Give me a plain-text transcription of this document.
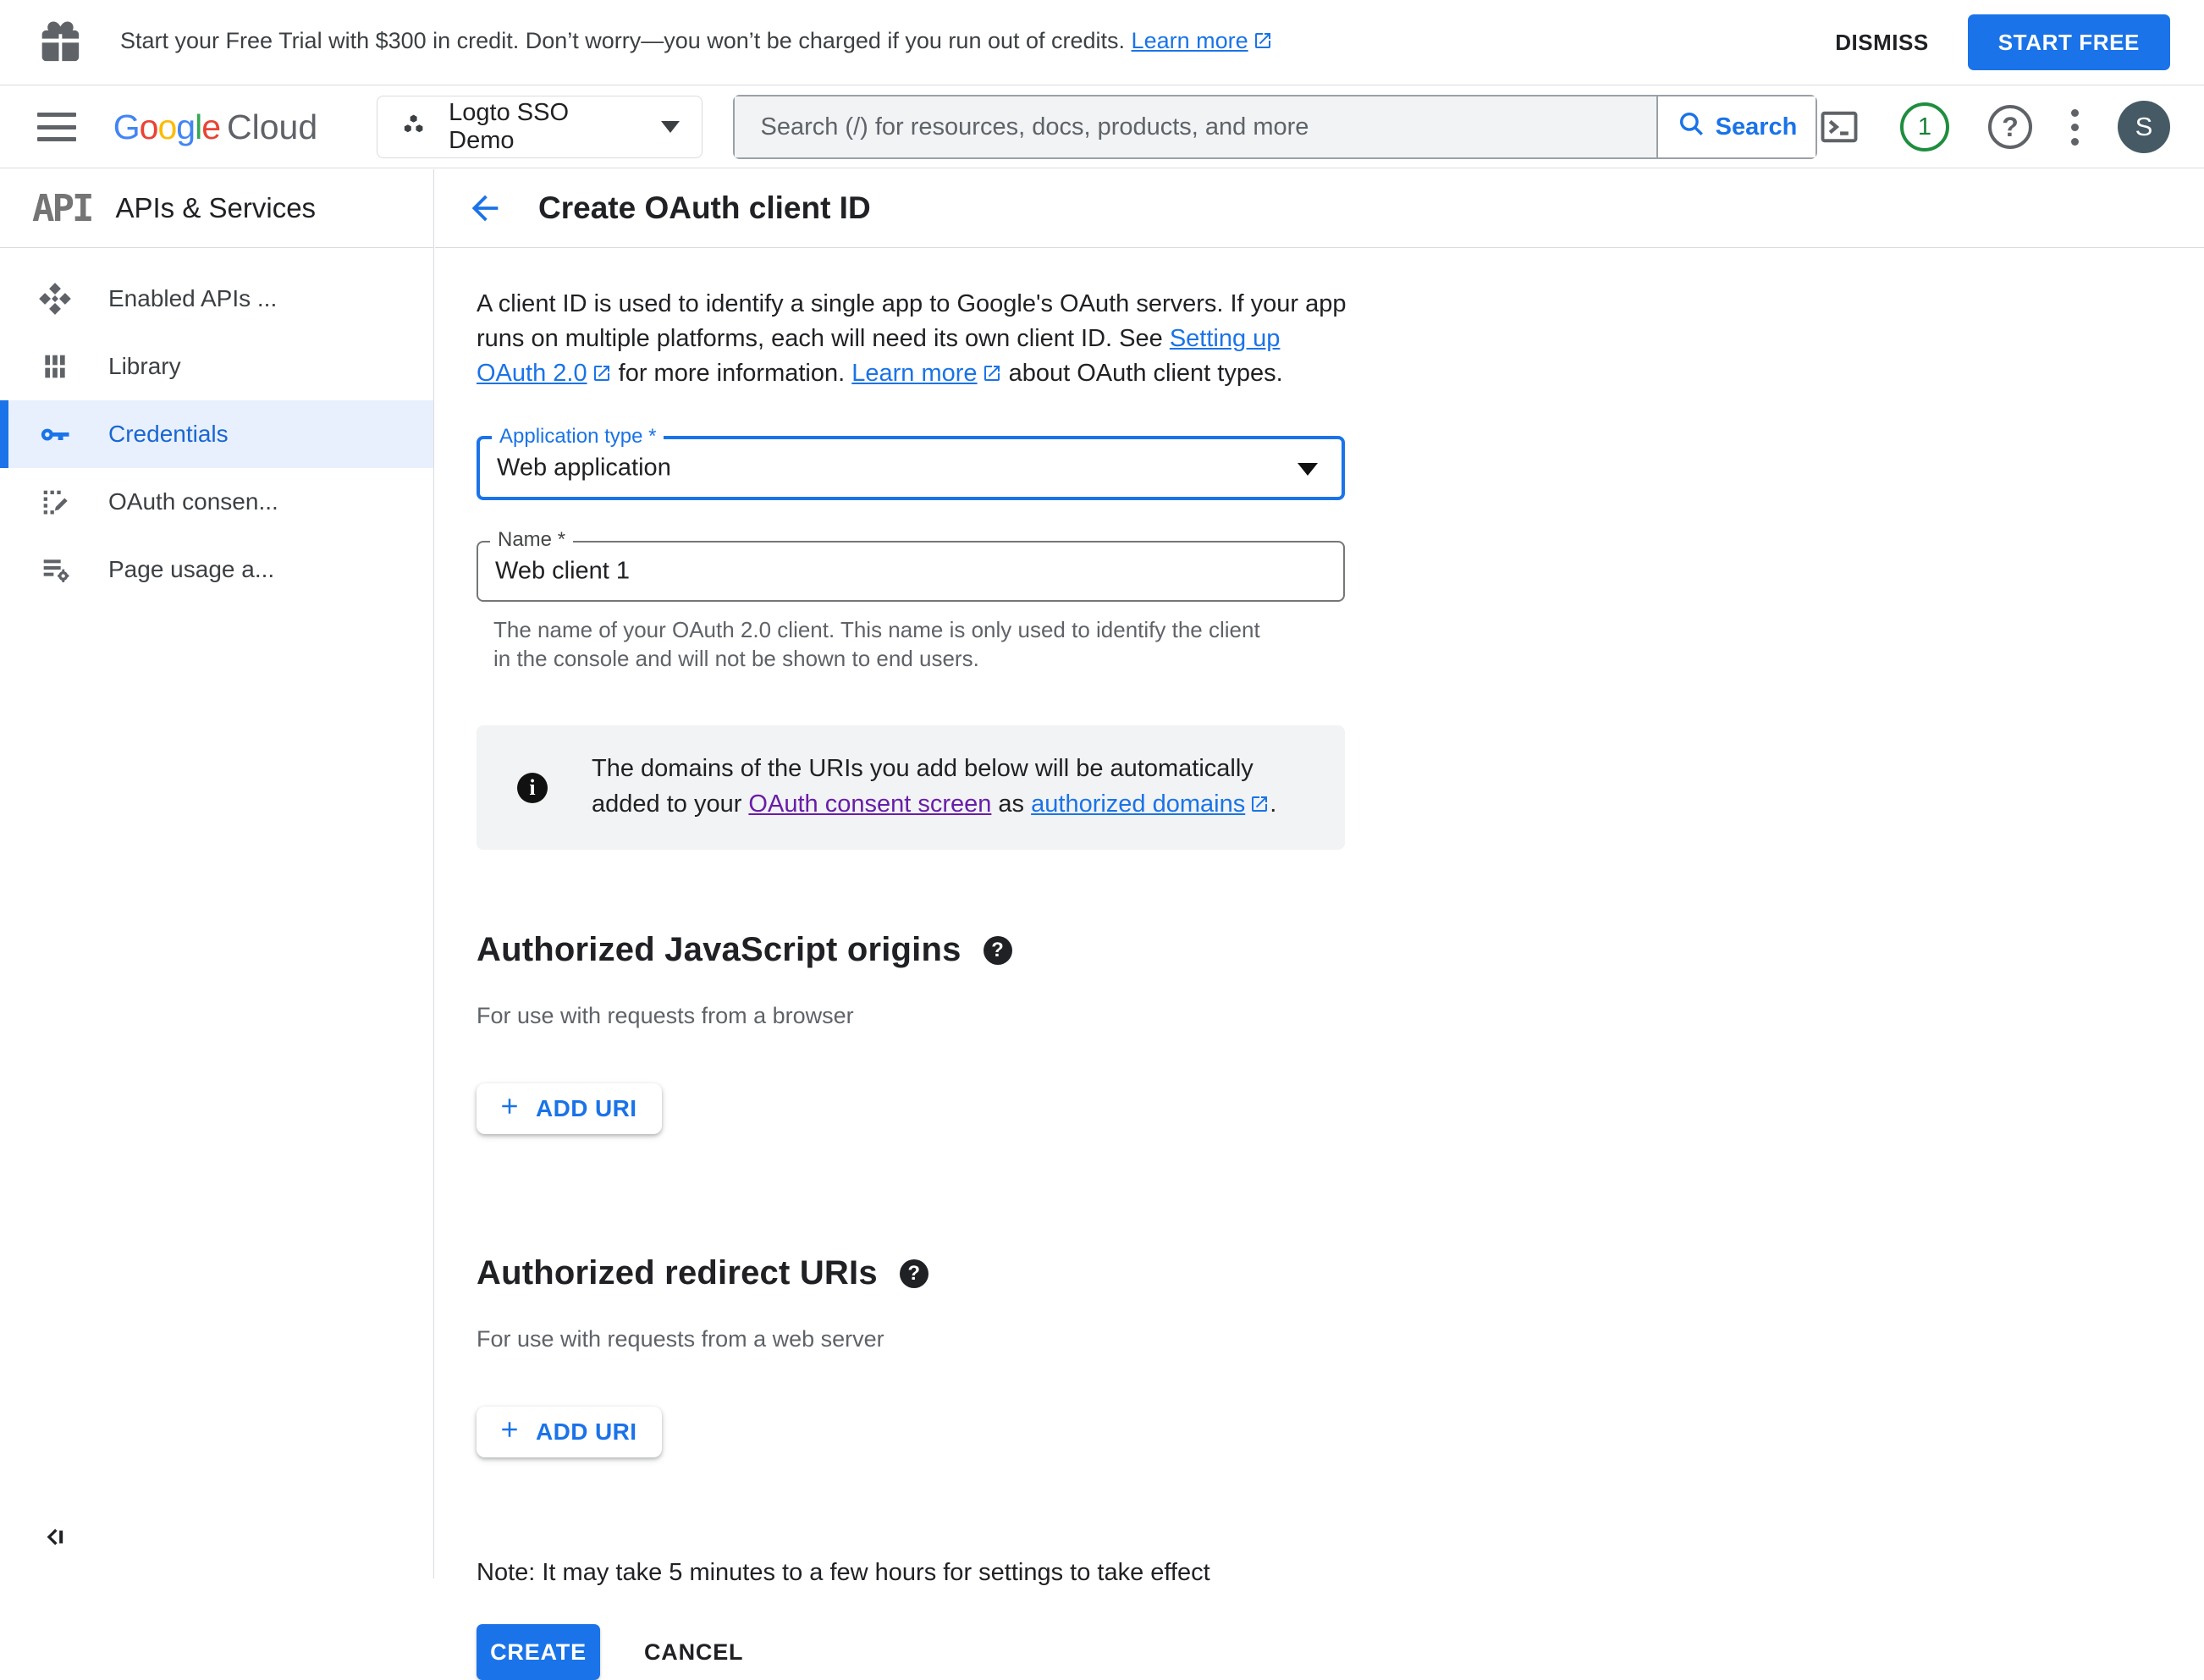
Start your Free Trial with $300 in credit. Don’t worry—you won’t be charged if you run out of credits. Learn more	DISMISS	START FREE
Google Cloud	Logto SSO Demo
Search (/) for resources, docs, products, and more
Search	1	?	S
API APIs & Services
Enabled APIs ...
Library
Credentials
OAuth consen...
Page usage a...
Create OAuth client ID

A client ID is used to identify a single app to Google's OAuth servers. If your app runs on multiple platforms, each will need its own client ID. See Setting up OAuth 2.0 for more information. Learn more about OAuth client types.

Application type *
Web application
Name *
Web client 1
The name of your OAuth 2.0 client. This name is only used to identify the client in the console and will not be shown to end users.
i
The domains of the URIs you add below will be automatically added to your OAuth consent screen as authorized domains .
Authorized JavaScript origins	?
For use with requests from a browser
ADD URI
Authorized redirect URIs	?
For use with requests from a web server
ADD URI
Note: It may take 5 minutes to a few hours for settings to take effect
CREATE	CANCEL
